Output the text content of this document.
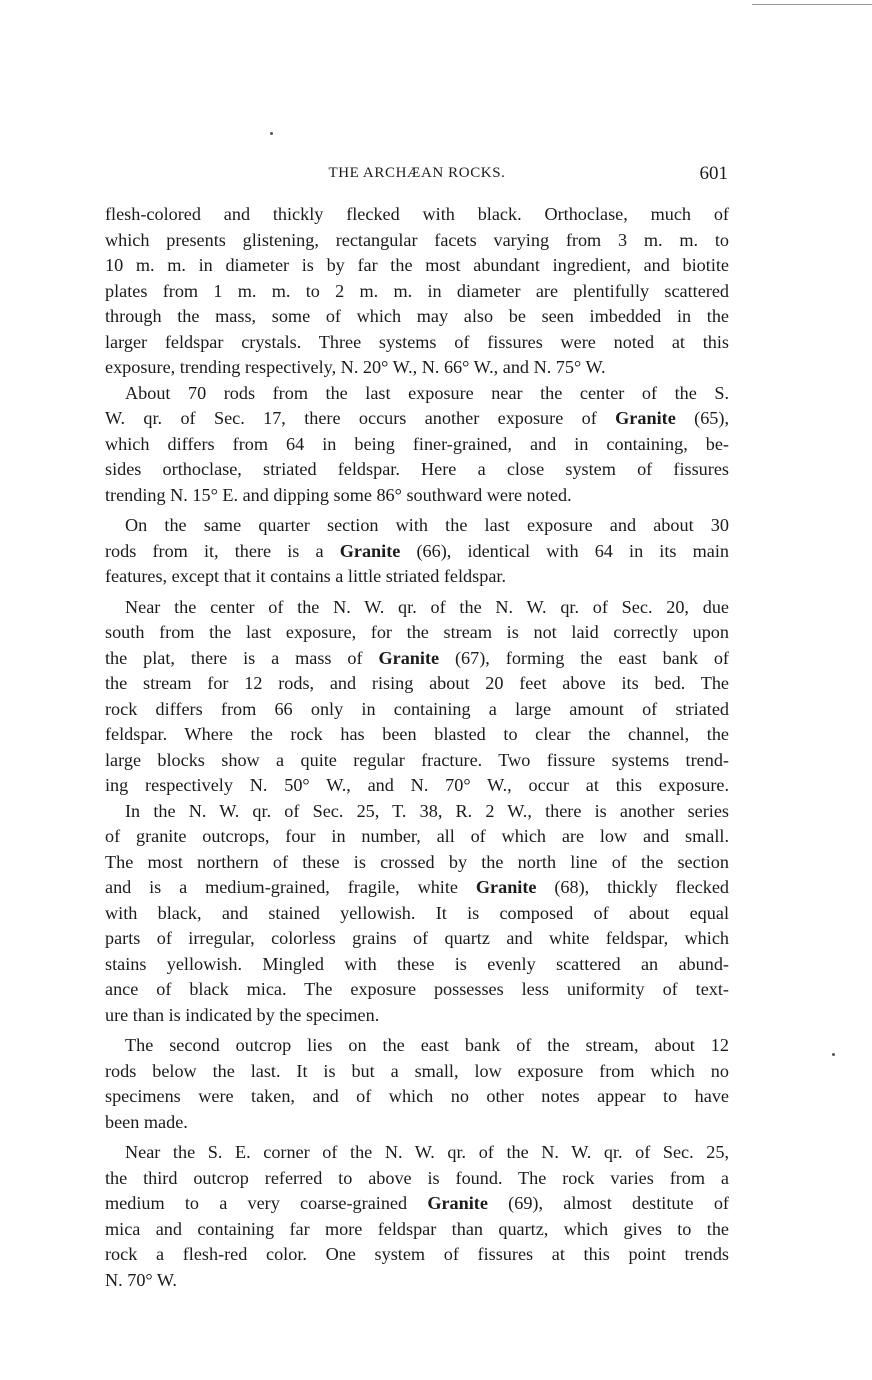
THE ARCHÆAN ROCKS.	601
flesh-colored and thickly flecked with black. Orthoclase, much of
which presents glistening, rectangular facets varying from 3 m. m. to
10 m. m. in diameter is by far the most abundant ingredient, and biotite
plates from 1 m. m. to 2 m. m. in diameter are plentifully scattered
through the mass, some of which may also be seen imbedded in the
larger feldspar crystals. Three systems of fissures were noted at this
exposure, trending respectively, N. 20° W., N. 66° W., and N. 75° W.
About 70 rods from the last exposure near the center of the S.
W. qr. of Sec. 17, there occurs another exposure of Granite (65),
which differs from 64 in being finer-grained, and in containing, be-
sides orthoclase, striated feldspar. Here a close system of fissures
trending N. 15° E. and dipping some 86° southward were noted.
On the same quarter section with the last exposure and about 30
rods from it, there is a Granite (66), identical with 64 in its main
features, except that it contains a little striated feldspar.
Near the center of the N. W. qr. of the N. W. qr. of Sec. 20, due
south from the last exposure, for the stream is not laid correctly upon
the plat, there is a mass of Granite (67), forming the east bank of
the stream for 12 rods, and rising about 20 feet above its bed. The
rock differs from 66 only in containing a large amount of striated
feldspar. Where the rock has been blasted to clear the channel, the
large blocks show a quite regular fracture. Two fissure systems trend-
ing respectively N. 50° W., and N. 70° W., occur at this exposure.
In the N. W. qr. of Sec. 25, T. 38, R. 2 W., there is another series
of granite outcrops, four in number, all of which are low and small.
The most northern of these is crossed by the north line of the section
and is a medium-grained, fragile, white Granite (68), thickly flecked
with black, and stained yellowish. It is composed of about equal
parts of irregular, colorless grains of quartz and white feldspar, which
stains yellowish. Mingled with these is evenly scattered an abund-
ance of black mica. The exposure possesses less uniformity of text-
ure than is indicated by the specimen.
The second outcrop lies on the east bank of the stream, about 12
rods below the last. It is but a small, low exposure from which no
specimens were taken, and of which no other notes appear to have
been made.
Near the S. E. corner of the N. W. qr. of the N. W. qr. of Sec. 25,
the third outcrop referred to above is found. The rock varies from a
medium to a very coarse-grained Granite (69), almost destitute of
mica and containing far more feldspar than quartz, which gives to the
rock a flesh-red color. One system of fissures at this point trends
N. 70° W.
